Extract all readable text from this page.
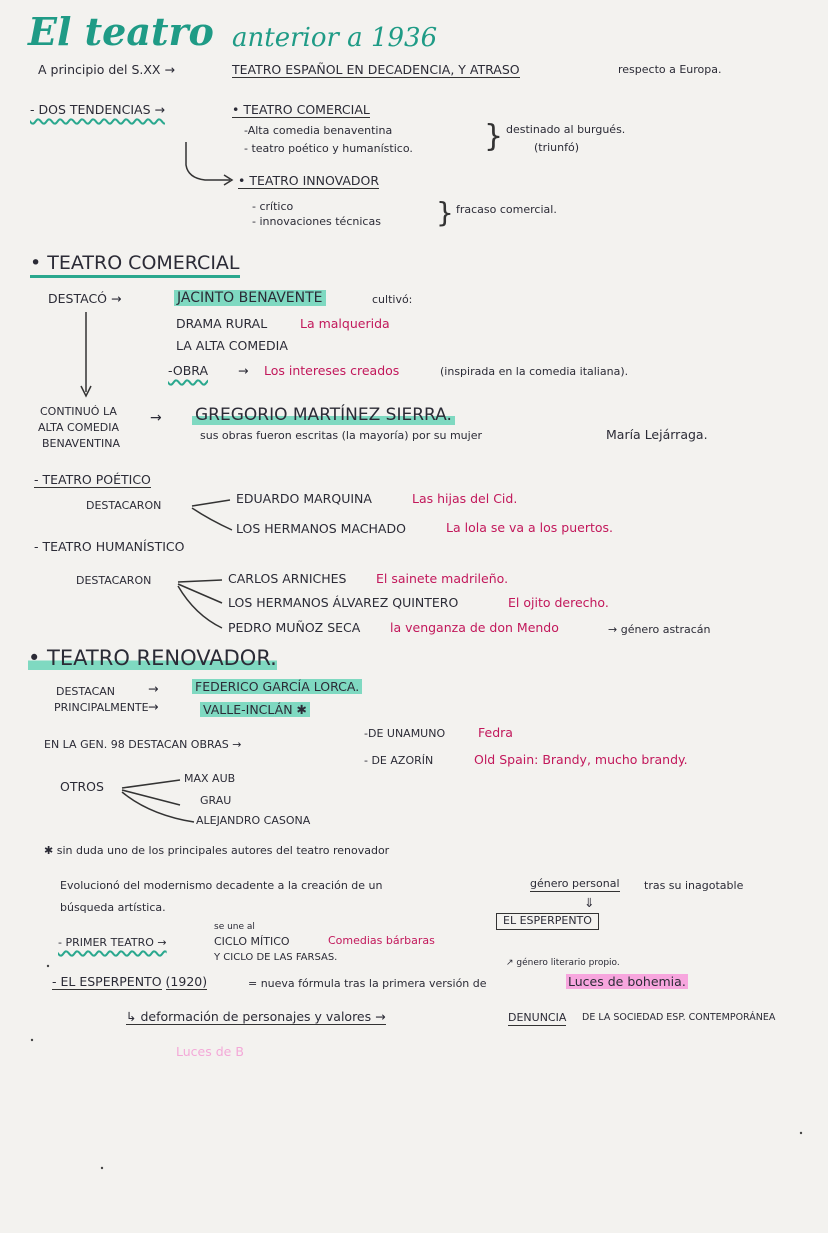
}
}
El teatro anterior a 1936
A principio del S.XX →	TEATRO ESPAÑOL EN DECADENCIA, Y ATRASO	respecto a Europa.
- DOS TENDENCIAS →	• TEATRO COMERCIAL
-Alta comedia benaventina
- teatro poético y humanístico.
destinado al burgués.
(triunfó)
• TEATRO INNOVADOR
- crítico
- innovaciones técnicas
fracaso comercial.
• TEATRO COMERCIAL
DESTACÓ →	JACINTO BENAVENTE	cultivó:
DRAMA RURAL	La malquerida
LA ALTA COMEDIA
-OBRA → Los intereses creados	(inspirada en la comedia italiana).
CONTINUÓ LA
ALTA COMEDIA
BENAVENTINA
→ GREGORIO MARTÍNEZ SIERRA.
sus obras fueron escritas (la mayoría) por su mujer	María Lejárraga.
- TEATRO POÉTICO
DESTACARON	EDUARDO MARQUINA	Las hijas del Cid.
LOS HERMANOS MACHADO	La lola se va a los puertos.
- TEATRO HUMANÍSTICO
DESTACARON	CARLOS ARNICHES El sainete madrileño.
LOS HERMANOS ÁLVAREZ QUINTERO	El ojito derecho.
PEDRO MUÑOZ SECA la venganza de don Mendo	→ género astracán
• TEATRO RENOVADOR.
DESTACAN
PRINCIPALMENTE
→
→
FEDERICO GARCÍA LORCA.
VALLE-INCLÁN ✱
EN LA GEN. 98 DESTACAN OBRAS →
-DE UNAMUNO	Fedra
- DE AZORÍN	Old Spain: Brandy, mucho brandy.
OTROS
MAX AUB
GRAU
ALEJANDRO CASONA
✱ sin duda uno de los principales autores del teatro renovador
Evolucionó del modernismo decadente a la creación de un	género personal tras su inagotable
búsqueda artística.	⇓
EL ESPERPENTO
se une al
- PRIMER TEATRO →	CICLO MÍTICO	Comedias bárbaras
Y CICLO DE LAS FARSAS.	↗ género literario propio.
- EL ESPERPENTO (1920)	= nueva fórmula tras la primera versión de	Luces de bohemia.
↳ deformación de personajes y valores →	DENUNCIA DE LA SOCIEDAD ESP. CONTEMPORÁNEA
Luces de B
